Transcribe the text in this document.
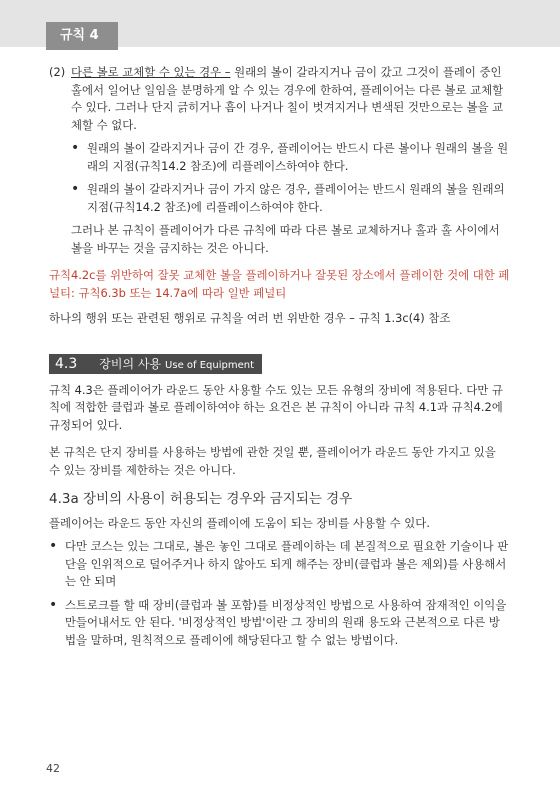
규칙 4
(2) 다른 볼로 교체할 수 있는 경우 – 원래의 볼이 갈라지거나 금이 갔고 그것이 플레이 중인 홀에서 일어난 일임을 분명하게 알 수 있는 경우에 한하여, 플레이어는 다른 볼로 교체할 수 있다. 그러나 단지 긁히거나 흠이 나거나 칠이 벗겨지거나 변색된 것만으로는 볼을 교체할 수 없다.
• 원래의 볼이 갈라지거나 금이 간 경우, 플레이어는 반드시 다른 볼이나 원래의 볼을 원래의 지점(규칙14.2 참조)에 리플레이스하여야 한다.
• 원래의 볼이 갈라지거나 금이 가지 않은 경우, 플레이어는 반드시 원래의 볼을 원래의 지점(규칙14.2 참조)에 리플레이스하여야 한다.

그러나 본 규칙이 플레이어가 다른 규칙에 따라 다른 볼로 교체하거나 홀과 홀 사이에서 볼을 바꾸는 것을 금지하는 것은 아니다.

규칙4.2c를 위반하여 잘못 교체한 볼을 플레이하거나 잘못된 장소에서 플레이한 것에 대한 페널티: 규칙6.3b 또는 14.7a에 따라 일반 페널티

하나의 행위 또는 관련된 행위로 규칙을 여러 번 위반한 경우 – 규칙 1.3c(4) 참조

4.3 장비의 사용 Use of Equipment

규칙 4.3은 플레이어가 라운드 동안 사용할 수도 있는 모든 유형의 장비에 적용된다. 다만 규칙에 적합한 클럽과 볼로 플레이하여야 하는 요건은 본 규칙이 아니라 규칙 4.1과 규칙4.2에 규정되어 있다.

본 규칙은 단지 장비를 사용하는 방법에 관한 것일 뿐, 플레이어가 라운드 동안 가지고 있을 수 있는 장비를 제한하는 것은 아니다.

4.3a 장비의 사용이 허용되는 경우와 금지되는 경우

플레이어는 라운드 동안 자신의 플레이에 도움이 되는 장비를 사용할 수 있다.

• 다만 코스는 있는 그대로, 볼은 놓인 그대로 플레이하는 데 본질적으로 필요한 기술이나 판단을 인위적으로 덜어주거나 하지 않아도 되게 해주는 장비(클럽과 볼은 제외)를 사용해서는 안 되며
• 스트로크를 할 때 장비(클럽과 볼 포함)를 비정상적인 방법으로 사용하여 잠재적인 이익을 만들어내서도 안 된다. '비정상적인 방법'이란 그 장비의 원래 용도와 근본적으로 다른 방법을 말하며, 원칙적으로 플레이에 해당된다고 할 수 없는 방법이다.
42
